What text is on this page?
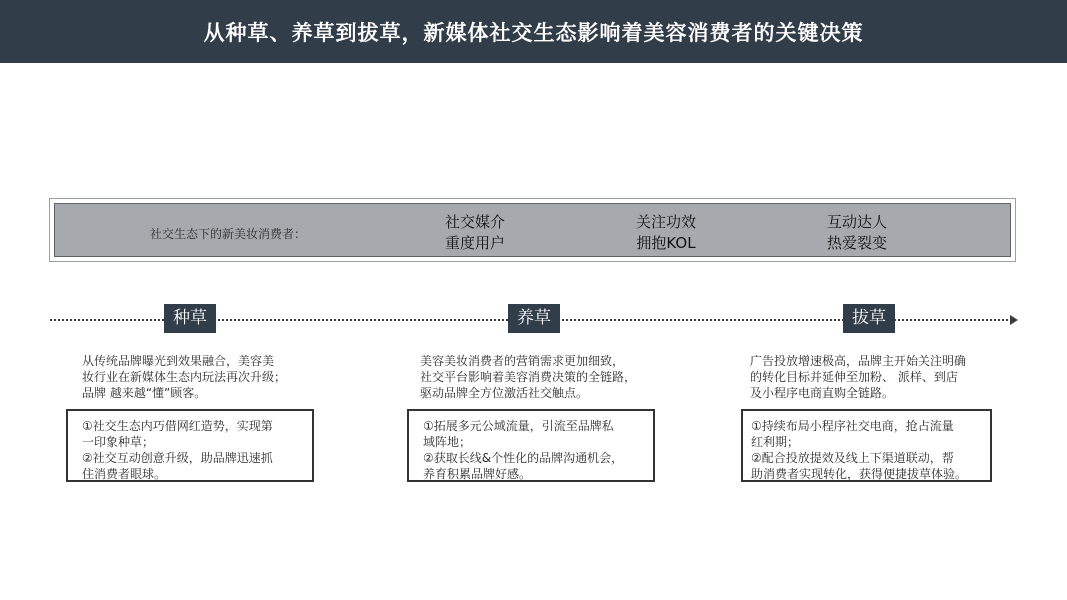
从种草、养草到拔草，新媒体社交生态影响着美容消费者的关键决策
社交生态下的新美妆消费者：
社交媒介
重度用户
关注功效
拥抱KOL
互动达人
热爱裂变
种草
从传统品牌曝光到效果融合，美容美
妆行业在新媒体生态内玩法再次升级；
品牌 越来越“懂”顾客。
①社交生态内巧借网红造势，实现第
一印象种草；
②社交互动创意升级，助品牌迅速抓
住消费者眼球。
养草
美容美妆消费者的营销需求更加细致，
社交平台影响着美容消费决策的全链路，
驱动品牌全方位激活社交触点。
①拓展多元公域流量，引流至品牌私
域阵地；
②获取长线&个性化的品牌沟通机会，
养育积累品牌好感。
拔草
广告投放增速极高，品牌主开始关注明确
的转化目标并延伸至加粉、 派样、到店
及小程序电商直购全链路。
①持续布局小程序社交电商，抢占流量
红利期；
②配合投放提效及线上下渠道联动，帮
助消费者实现转化，获得便捷拔草体验。
